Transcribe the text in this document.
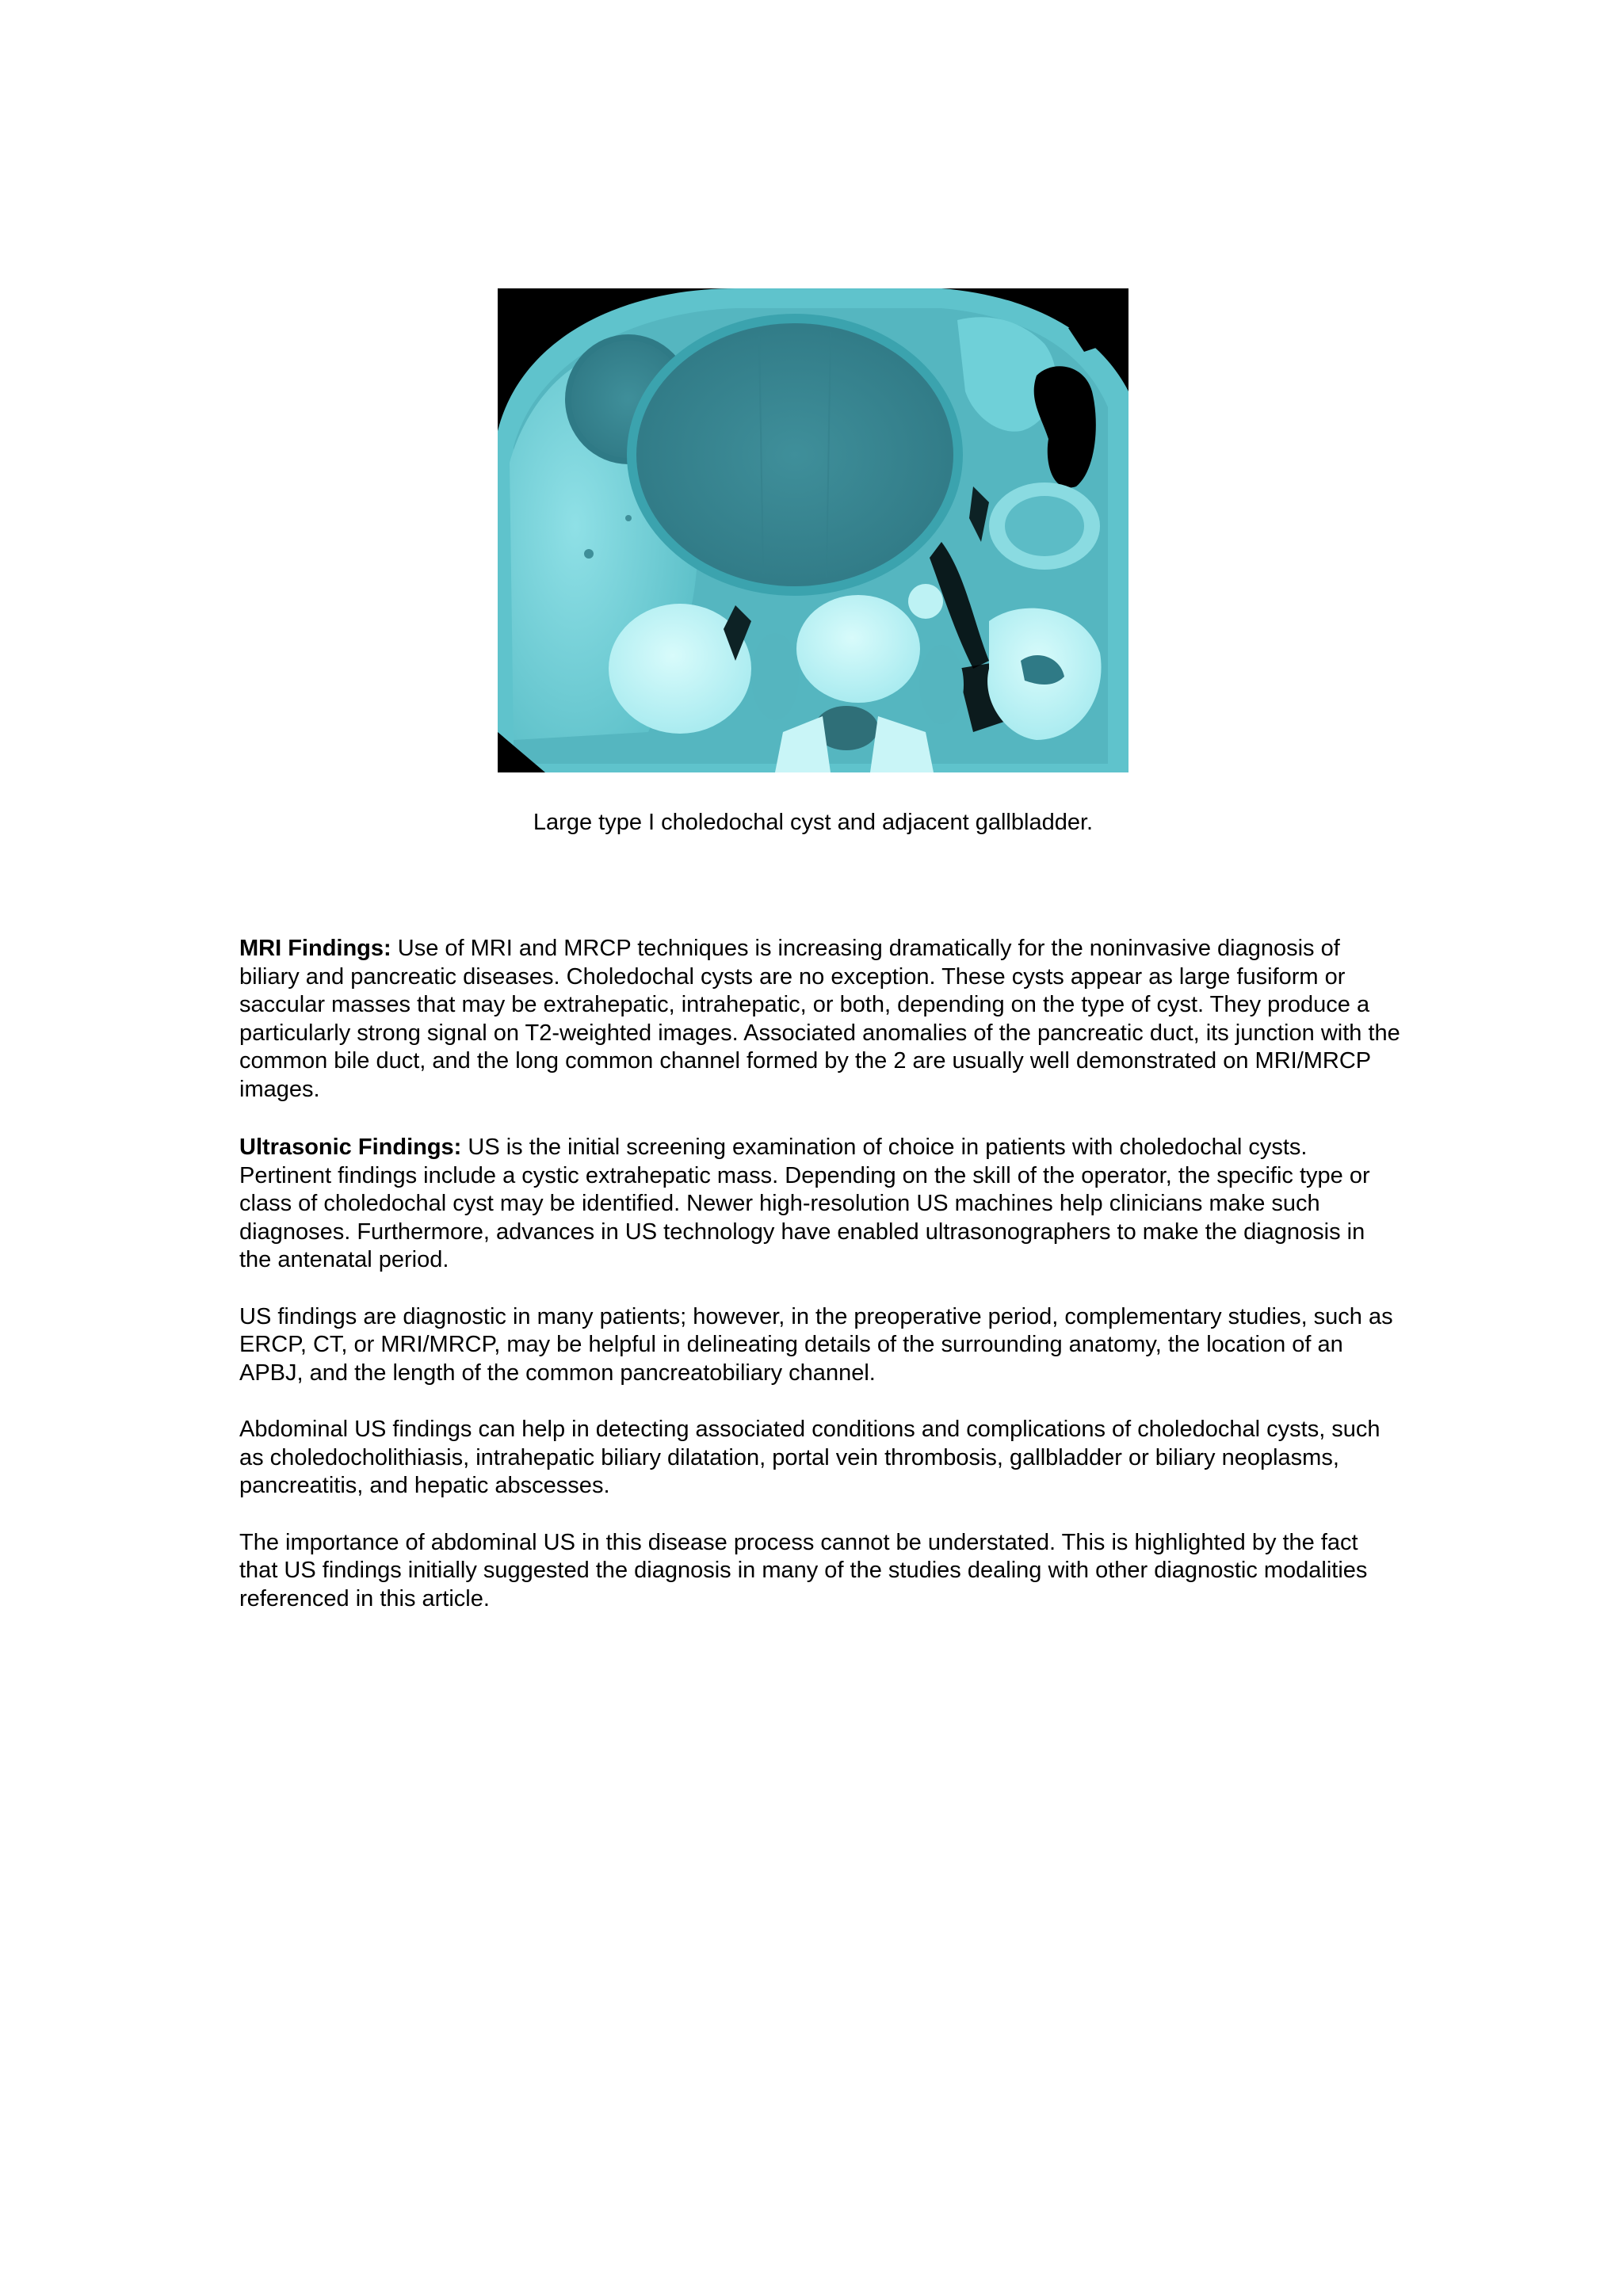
Large type I choledochal cyst and adjacent gallbladder.

MRI Findings: Use of MRI and MRCP techniques is increasing dramatically for the noninvasive diagnosis of biliary and pancreatic diseases. Choledochal cysts are no exception. These cysts appear as large fusiform or saccular masses that may be extrahepatic, intrahepatic, or both, depending on the type of cyst. They produce a particularly strong signal on T2-weighted images. Associated anomalies of the pancreatic duct, its junction with the common bile duct, and the long common channel formed by the 2 are usually well demonstrated on MRI/MRCP images.

Ultrasonic Findings: US is the initial screening examination of choice in patients with choledochal cysts. Pertinent findings include a cystic extrahepatic mass. Depending on the skill of the operator, the specific type or class of choledochal cyst may be identified. Newer high-resolution US machines help clinicians make such diagnoses. Furthermore, advances in US technology have enabled ultrasonographers to make the diagnosis in the antenatal period.

US findings are diagnostic in many patients; however, in the preoperative period, complementary studies, such as ERCP, CT, or MRI/MRCP, may be helpful in delineating details of the surrounding anatomy, the location of an APBJ, and the length of the common pancreatobiliary channel.

Abdominal US findings can help in detecting associated conditions and complications of choledochal cysts, such as choledocholithiasis, intrahepatic biliary dilatation, portal vein thrombosis, gallbladder or biliary neoplasms, pancreatitis, and hepatic abscesses.

The importance of abdominal US in this disease process cannot be understated. This is highlighted by the fact that US findings initially suggested the diagnosis in many of the studies dealing with other diagnostic modalities referenced in this article.
